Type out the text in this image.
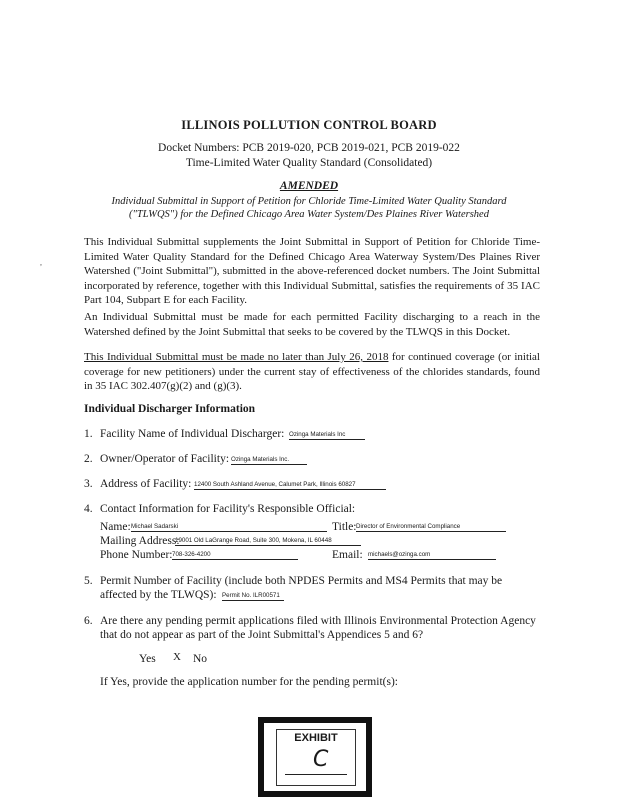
ILLINOIS POLLUTION CONTROL BOARD
Docket Numbers: PCB 2019-020, PCB 2019-021, PCB 2019-022
Time-Limited Water Quality Standard (Consolidated)
AMENDED
Individual Submittal in Support of Petition for Chloride Time-Limited Water Quality Standard
("TLWQS") for the Defined Chicago Area Water System/Des Plaines River Watershed
,
This Individual Submittal supplements the Joint Submittal in Support of Petition for Chloride Time-Limited Water Quality Standard for the Defined Chicago Area Waterway System/Des Plaines River Watershed ("Joint Submittal"), submitted in the above-referenced docket numbers. The Joint Submittal incorporated by reference, together with this Individual Submittal, satisfies the requirements of 35 IAC Part 104, Subpart E for each Facility.
An Individual Submittal must be made for each permitted Facility discharging to a reach in the Watershed defined by the Joint Submittal that seeks to be covered by the TLWQS in this Docket.
This Individual Submittal must be made no later than July 26, 2018 for continued coverage (or initial coverage for new petitioners) under the current stay of effectiveness of the chlorides standards, found in 35 IAC 302.407(g)(2) and (g)(3).
Individual Discharger Information
1. Facility Name of Individual Discharger: Ozinga Materials Inc
2. Owner/Operator of Facility: Ozinga Materials Inc.
3. Address of Facility: 12400 South Ashland Avenue, Calumet Park, Illinois 60827
4. Contact Information for Facility's Responsible Official:
Name: Michael Sadarski	Title: Director of Environmental Compliance
Mailing Address:
19001 Old LaGrange Road, Suite 300, Mokena, IL 60448
Phone Number: 708-326-4200	Email: michaels@ozinga.com
5. Permit Number of Facility (include both NPDES Permits and MS4 Permits that may be
affected by the TLWQS): Permit No. ILR00571
6. Are there any pending permit applications filed with Illinois Environmental Protection Agency
that do not appear as part of the Joint Submittal's Appendices 5 and 6?
Yes X No
If Yes, provide the application number for the pending permit(s):
EXHIBIT
C
